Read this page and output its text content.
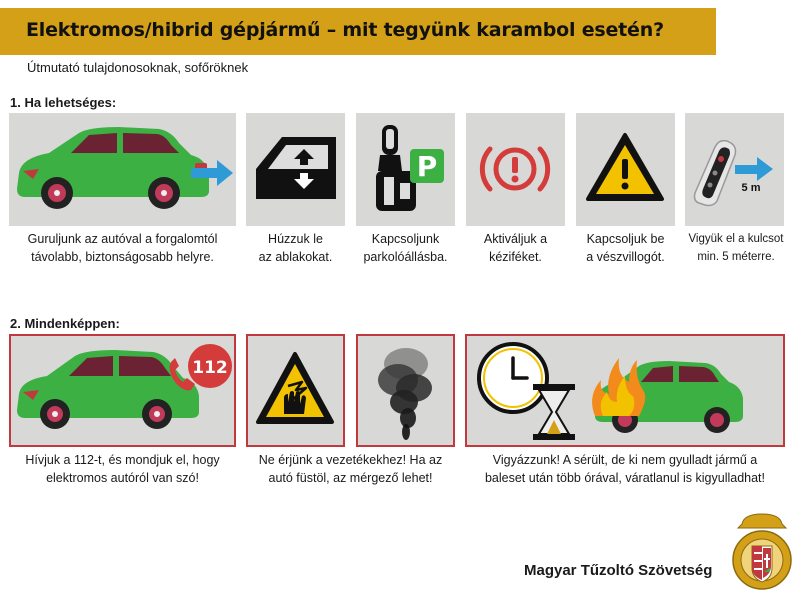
Elektromos/hibrid gépjármű – mit tegyünk karambol esetén?
Útmutató tulajdonosoknak, sofőröknek
1. Ha lehetséges:
Guruljunk az autóval a forgalomtól
távolabb, biztonságosabb helyre.
Húzzuk le
az ablakokat.
P
Kapcsoljunk
parkolóállásba.
Aktiváljuk a
kéziféket.
Kapcsoljuk be
a vészvillogót.
5 m
Vigyük el a kulcsot
min. 5 méterre.
2. Mindenképpen:
112
Hívjuk a 112-t, és mondjuk el, hogy
elektromos autóról van szó!
Ne érjünk a vezetékekhez! Ha az
autó füstöl, az mérgező lehet!
Vigyázzunk! A sérült, de ki nem gyulladt jármű a
baleset után több órával, váratlanul is kigyulladhat!
Magyar Tűzoltó Szövetség
